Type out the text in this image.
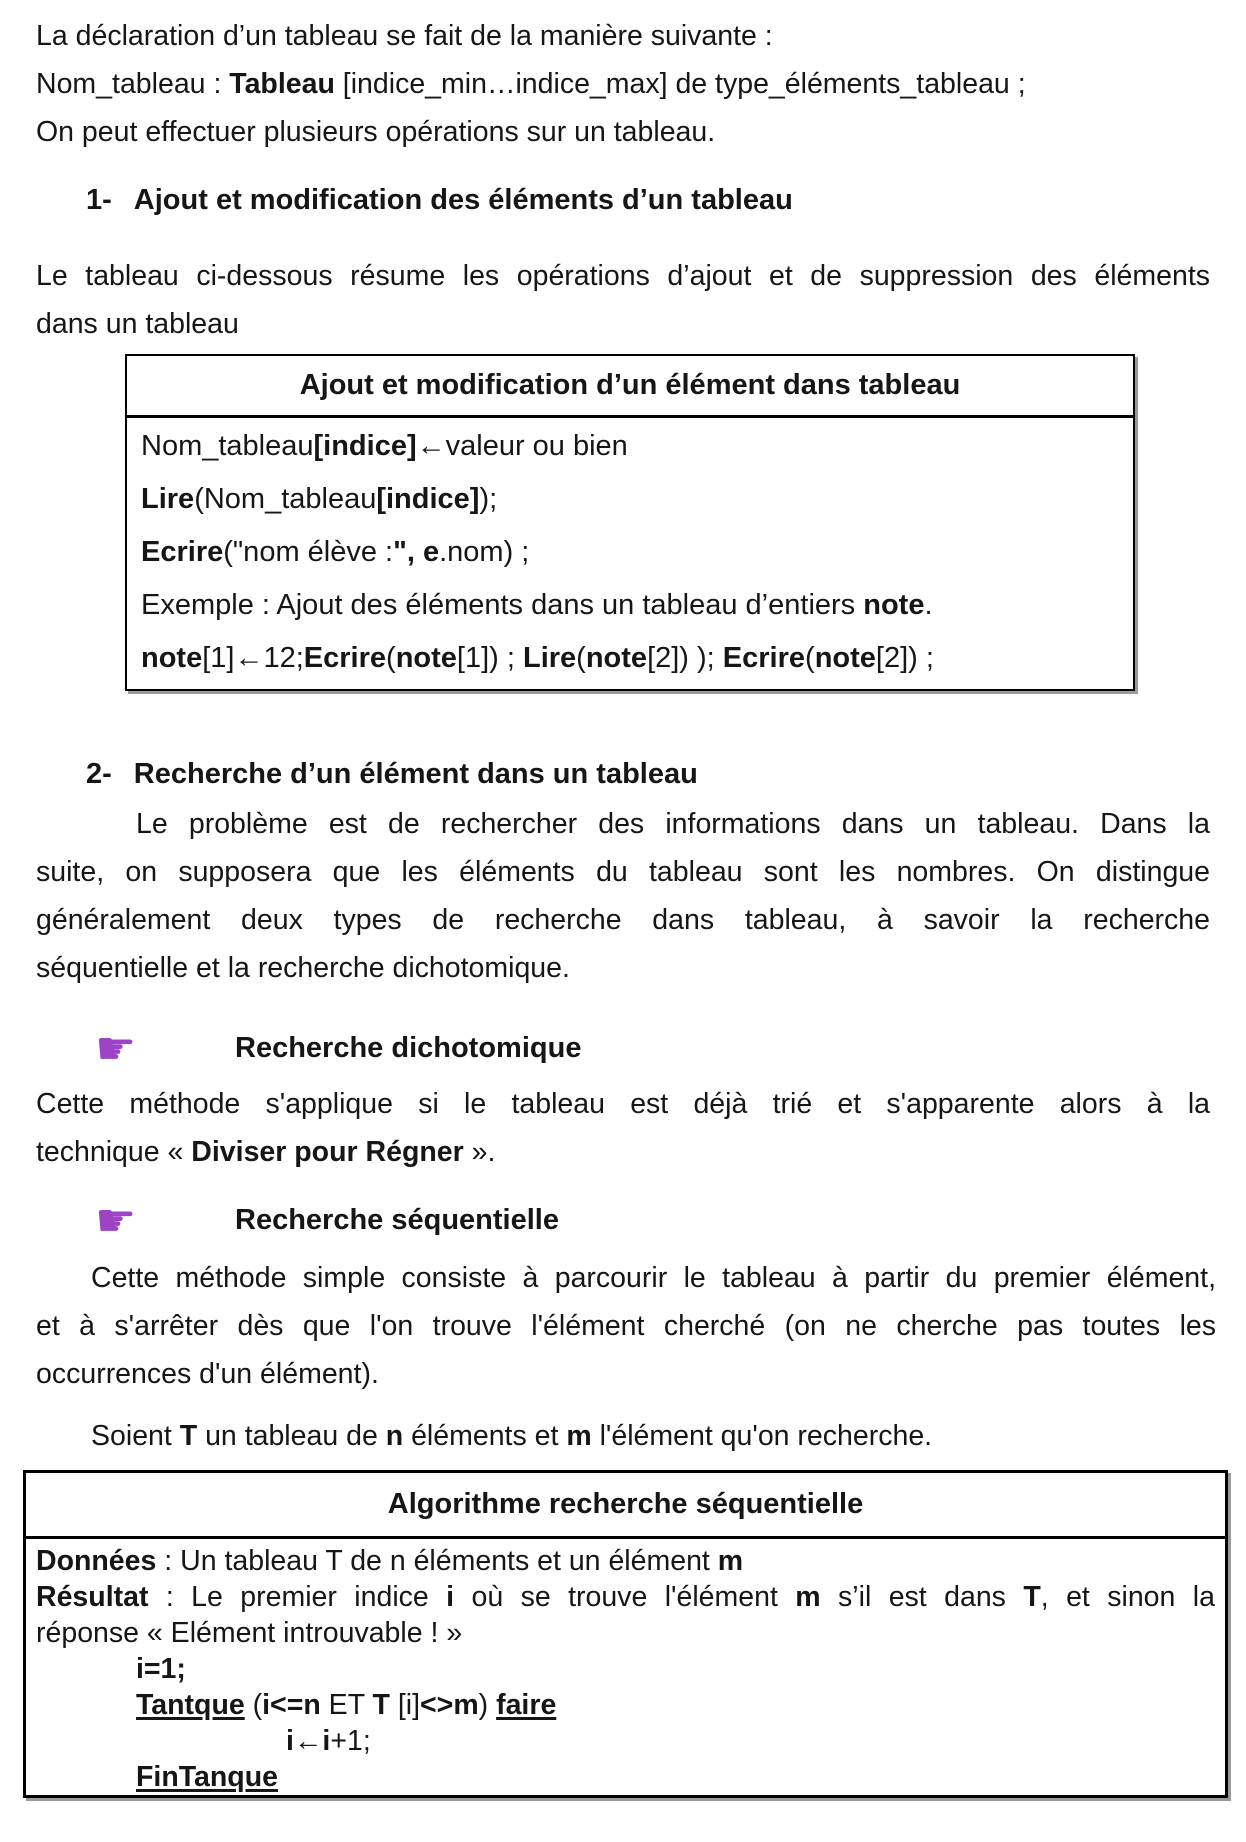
La déclaration d’un tableau se fait de la manière suivante :
Nom_tableau : Tableau [indice_min…indice_max] de type_éléments_tableau ;
On peut effectuer plusieurs opérations sur un tableau.
1- Ajout et modification des éléments d’un tableau
Le tableau ci-dessous résume les opérations d’ajout et de suppression des éléments
dans un tableau
Ajout et modification d’un élément dans tableau
Nom_tableau[indice]←valeur ou bien
Lire(Nom_tableau[indice]);
Ecrire("nom élève :", e.nom) ;
Exemple : Ajout des éléments dans un tableau d’entiers note.
note[1]←12;Ecrire(note[1]) ; Lire(note[2]) ); Ecrire(note[2]) ;
2- Recherche d’un élément dans un tableau
Le problème est de rechercher des informations dans un tableau. Dans la
suite, on supposera que les éléments du tableau sont les nombres. On distingue
généralement deux types de recherche dans tableau, à savoir la recherche
séquentielle et la recherche dichotomique.
☛	Recherche dichotomique
Cette méthode s'applique si le tableau est déjà trié et s'apparente alors à la
technique « Diviser pour Régner ».
☛	Recherche séquentielle
Cette méthode simple consiste à parcourir le tableau à partir du premier élément,
et à s'arrêter dès que l'on trouve l'élément cherché (on ne cherche pas toutes les
occurrences d'un élément).
Soient T un tableau de n éléments et m l'élément qu'on recherche.
Algorithme recherche séquentielle
Données : Un tableau T de n éléments et un élément m
Résultat : Le premier indice i où se trouve l'élément m s’il est dans T, et sinon la
réponse « Elément introuvable ! »
i=1;
Tantque (i<=n ET T [i]<>m) faire
i←i+1;
FinTanque
